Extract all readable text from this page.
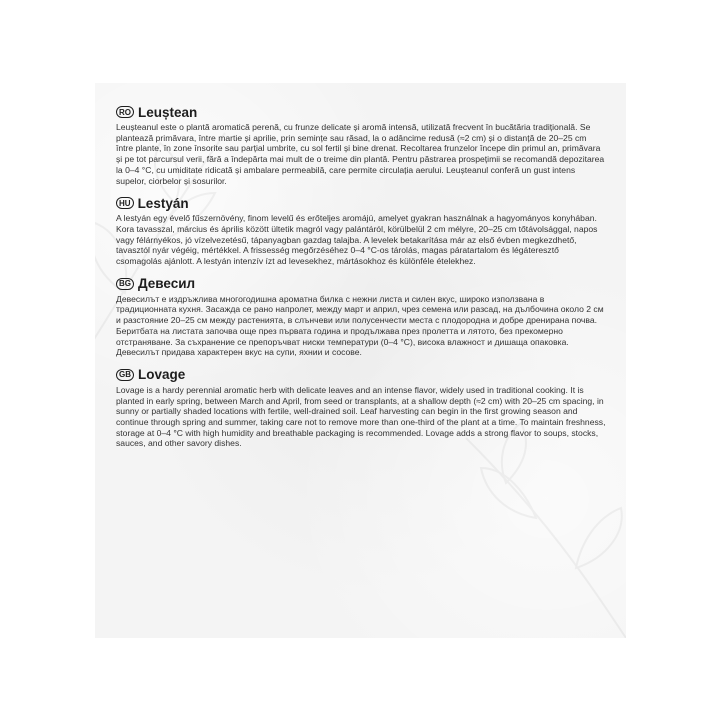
RO Leuștean

Leușteanul este o plantă aromatică perenă, cu frunze delicate și aromă intensă, utilizată frecvent în bucătăria tradițională. Se plantează primăvara, între martie și aprilie, prin semințe sau răsad, la o adâncime redusă (≈2 cm) și o distanță de 20–25 cm între plante, în zone însorite sau parțial umbrite, cu sol fertil și bine drenat. Recoltarea frunzelor începe din primul an, primăvara și pe tot parcursul verii, fără a îndepărta mai mult de o treime din plantă. Pentru păstrarea prospețimii se recomandă depozitarea la 0–4 °C, cu umiditate ridicată și ambalare permeabilă, care permite circulația aerului. Leușteanul conferă un gust intens supelor, ciorbelor și sosurilor.

HU Lestyán

A lestyán egy évelő fűszernövény, finom levelű és erőteljes aromájú, amelyet gyakran használnak a hagyományos konyhában. Kora tavasszal, március és április között ültetik magról vagy palántáról, körülbelül 2 cm mélyre, 20–25 cm tőtávolsággal, napos vagy félárnyékos, jó vízelvezetésű, tápanyagban gazdag talajba. A levelek betakarítása már az első évben megkezdhető, tavasztól nyár végéig, mértékkel. A frissesség megőrzéséhez 0–4 °C-os tárolás, magas páratartalom és légáteresztő csomagolás ajánlott. A lestyán intenzív ízt ad levesekhez, mártásokhoz és különféle ételekhez.

BG Девесил

Девесилът е издръжлива многогодишна ароматна билка с нежни листа и силен вкус, широко използвана в традиционната кухня. Засажда се рано напролет, между март и април, чрез семена или разсад, на дълбочина около 2 см и разстояние 20–25 см между растенията, в слънчеви или полусенчести места с плодородна и добре дренирана почва. Беритбата на листата започва още през първата година и продължава през пролетта и лятото, без прекомерно отстраняване. За съхранение се препоръчват ниски температури (0–4 °C), висока влажност и дишаща опаковка. Девесилът придава характерен вкус на супи, яхнии и сосове.

GB Lovage

Lovage is a hardy perennial aromatic herb with delicate leaves and an intense flavor, widely used in traditional cooking. It is planted in early spring, between March and April, from seed or transplants, at a shallow depth (≈2 cm) with 20–25 cm spacing, in sunny or partially shaded locations with fertile, well-drained soil. Leaf harvesting can begin in the first growing season and continue through spring and summer, taking care not to remove more than one-third of the plant at a time. To maintain freshness, storage at 0–4 °C with high humidity and breathable packaging is recommended. Lovage adds a strong flavor to soups, stocks, sauces, and other savory dishes.
